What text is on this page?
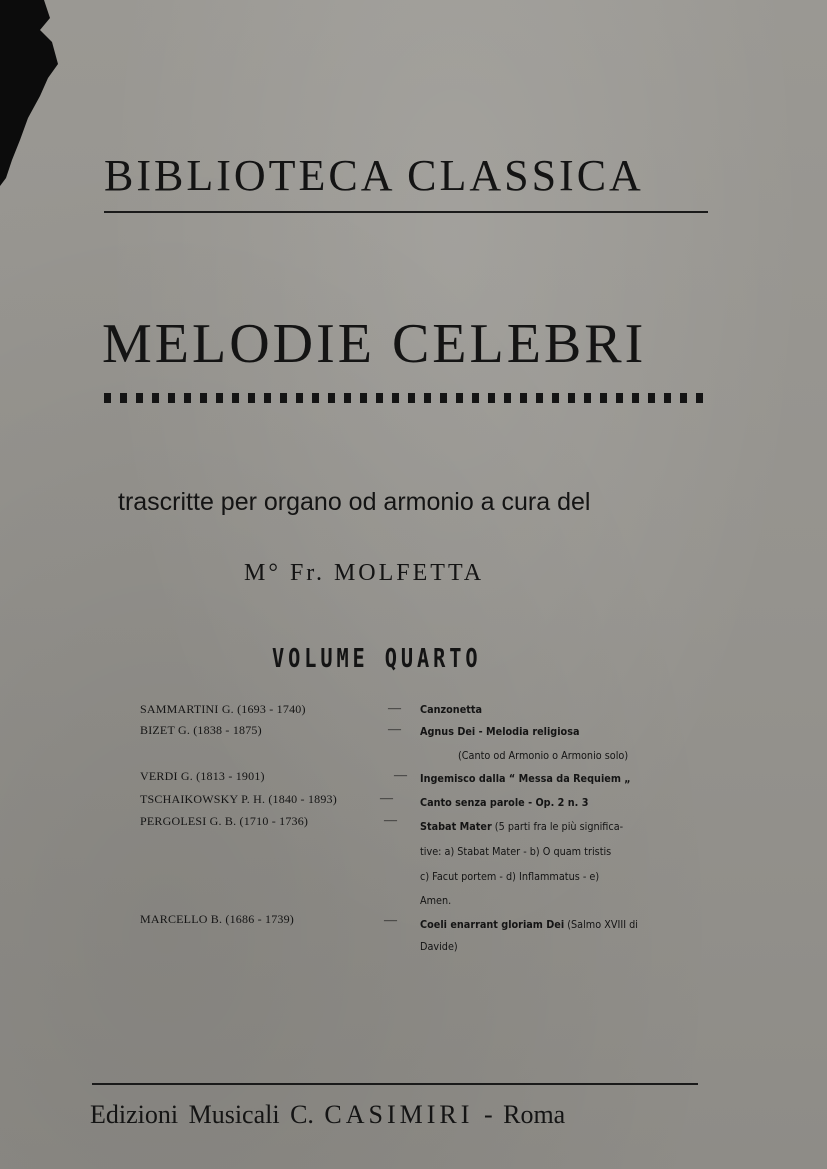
BIBLIOTECA CLASSICA
MELODIE CELEBRI
trascritte per organo od armonio a cura del
M° Fr. MOLFETTA
VOLUME QUARTO
SAMMARTINI G. (1693 - 1740)	— Canzonetta
BIZET G. (1838 - 1875)	— Agnus Dei - Melodia religiosa
(Canto od Armonio o Armonio solo)
VERDI G. (1813 - 1901)	— Ingemisco dalla “ Messa da Requiem „
TSCHAIKOWSKY P. H. (1840 - 1893)	— Canto senza parole - Op. 2 n. 3
PERGOLESI G. B. (1710 - 1736)	— Stabat Mater (5 parti fra le più significa-
tive: a) Stabat Mater - b) O quam tristis
c) Facut portem - d) Inflammatus - e)
Amen.
MARCELLO B. (1686 - 1739)	— Coeli enarrant gloriam Dei (Salmo XVIII di
Davide)
Edizioni Musicali C. CASIMIRI - Roma
